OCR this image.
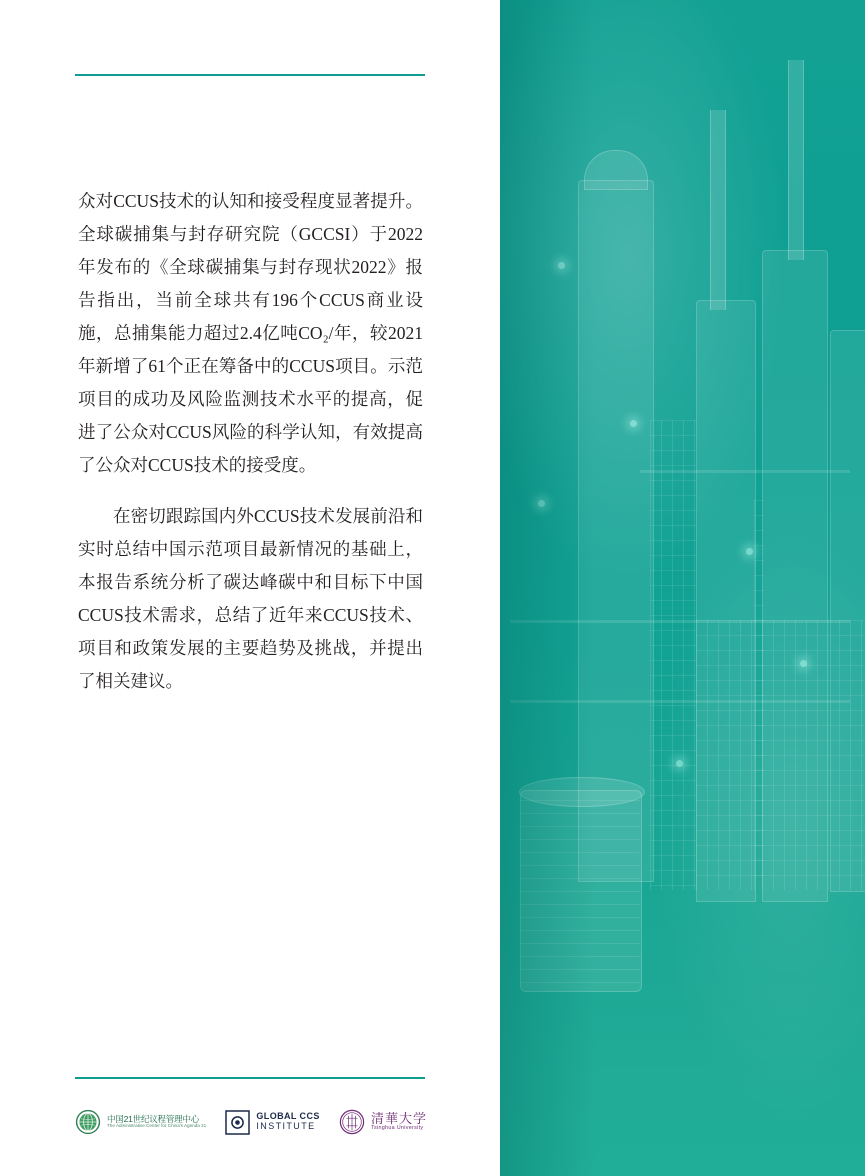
众对CCUS技术的认知和接受程度显著提升。全球碳捕集与封存研究院（GCCSI）于2022年发布的《全球碳捕集与封存现状2022》报告指出，当前全球共有196个CCUS商业设施，总捕集能力超过2.4亿吨CO₂/年，较2021年新增了61个正在筹备中的CCUS项目。示范项目的成功及风险监测技术水平的提高，促进了公众对CCUS风险的科学认知，有效提高了公众对CCUS技术的接受度。

在密切跟踪国内外CCUS技术发展前沿和实时总结中国示范项目最新情况的基础上，本报告系统分析了碳达峰碳中和目标下中国CCUS技术需求，总结了近年来CCUS技术、项目和政策发展的主要趋势及挑战，并提出了相关建议。

中国21世纪议程管理中心
The Administrative Center for China's Agenda 21
GLOBAL CCS
INSTITUTE	清華大学
Tsinghua University
